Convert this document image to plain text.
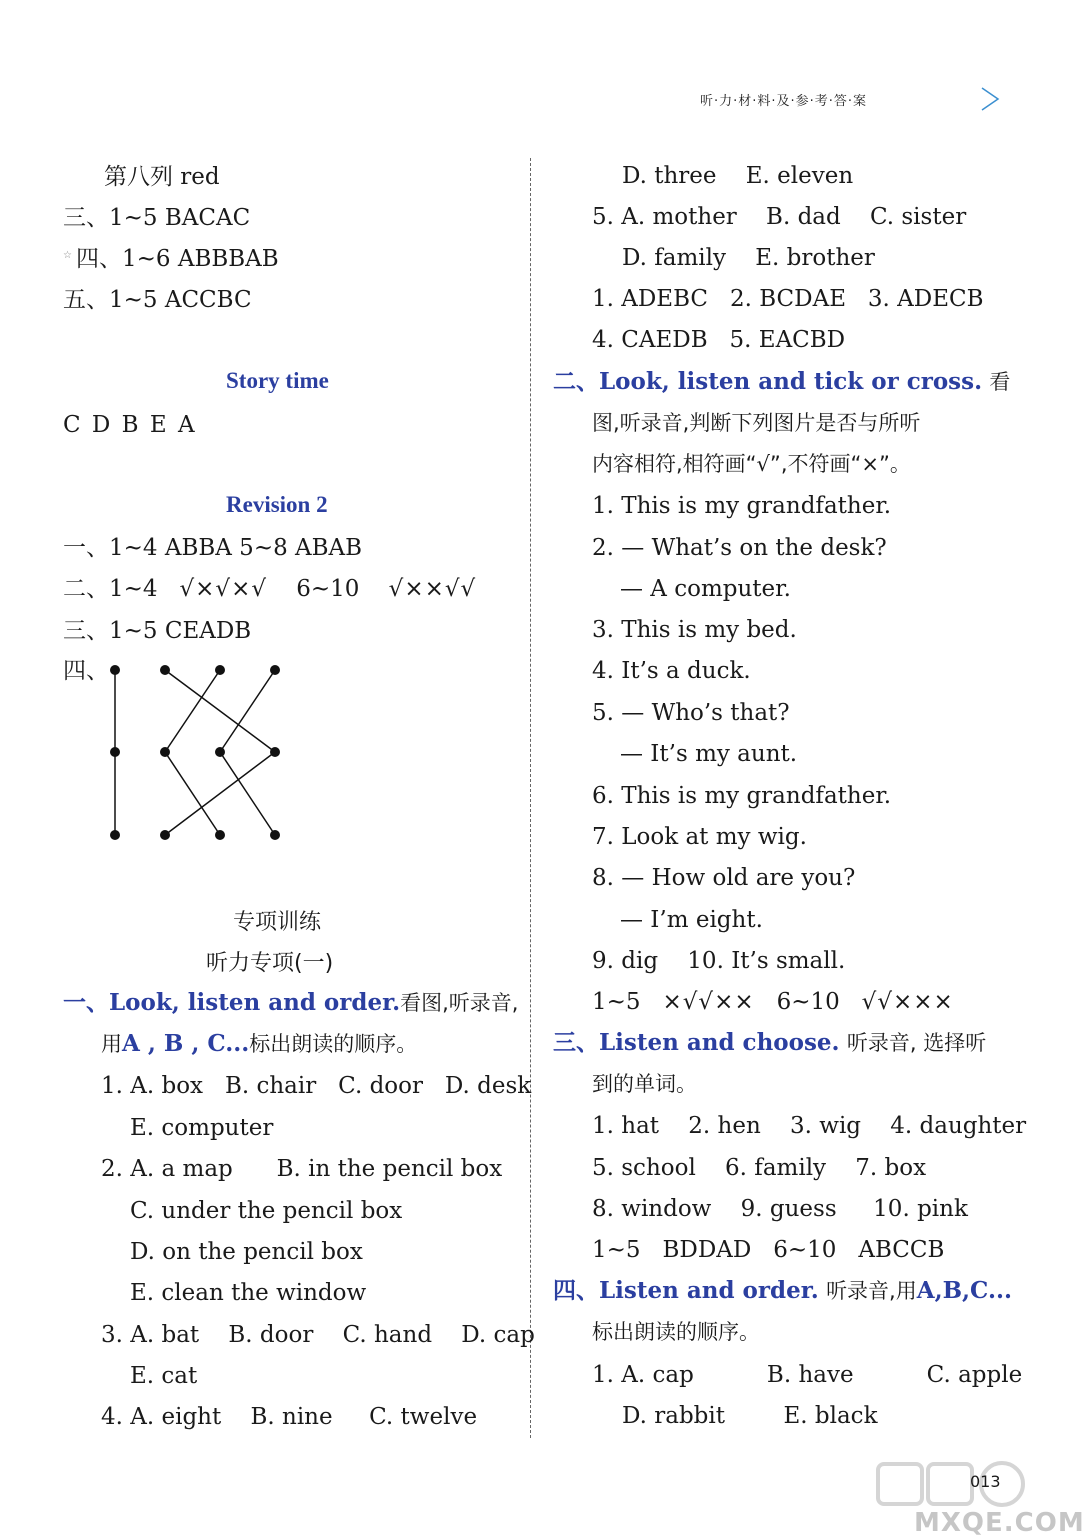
听·力·材·料·及·参·考·答·案
第八列 red
三、1~5 BACAC
☆ 四、1~6 ABBBAB
五、1~5 ACCBC
Story time
C D B E A
Revision 2
一、1~4 ABBA 5~8 ABAB
二、1~4 √×√×√ 6~10 √××√√
三、1~5 CEADB
四、
专项训练
听力专项(一)
一、Look, listen and order.看图,听录音,
用A , B , C...标出朗读的顺序。
1. A. box   B. chair   C. door   D. desk
E. computer
2. A. a map      B. in the pencil box
C. under the pencil box
D. on the pencil box
E. clean the window
3. A. bat    B. door    C. hand    D. cap
E. cat
4. A. eight    B. nine     C. twelve
D. three    E. eleven
5. A. mother    B. dad    C. sister
D. family    E. brother
1. ADEBC   2. BCDAE   3. ADECB
4. CAEDB   5. EACBD
二、Look, listen and tick or cross. 看
图,听录音,判断下列图片是否与所听
内容相符,相符画“√”,不符画“×”。
1. This is my grandfather.
2. — What’s on the desk?
— A computer.
3. This is my bed.
4. It’s a duck.
5. — Who’s that?
— It’s my aunt.
6. This is my grandfather.
7. Look at my wig.
8. — How old are you?
— I’m eight.
9. dig    10. It’s small.
1~5 ×√√×× 6~10 √√×××
三、Listen and choose. 听录音, 选择听
到的单词。
1. hat    2. hen    3. wig    4. daughter
5. school    6. family    7. box
8. window    9. guess     10. pink
1~5   BDDAD   6~10   ABCCB
四、Listen and order. 听录音,用A,B,C...
标出朗读的顺序。
1. A. cap          B. have          C. apple
D. rabbit        E. black
MXQE.COM
013
